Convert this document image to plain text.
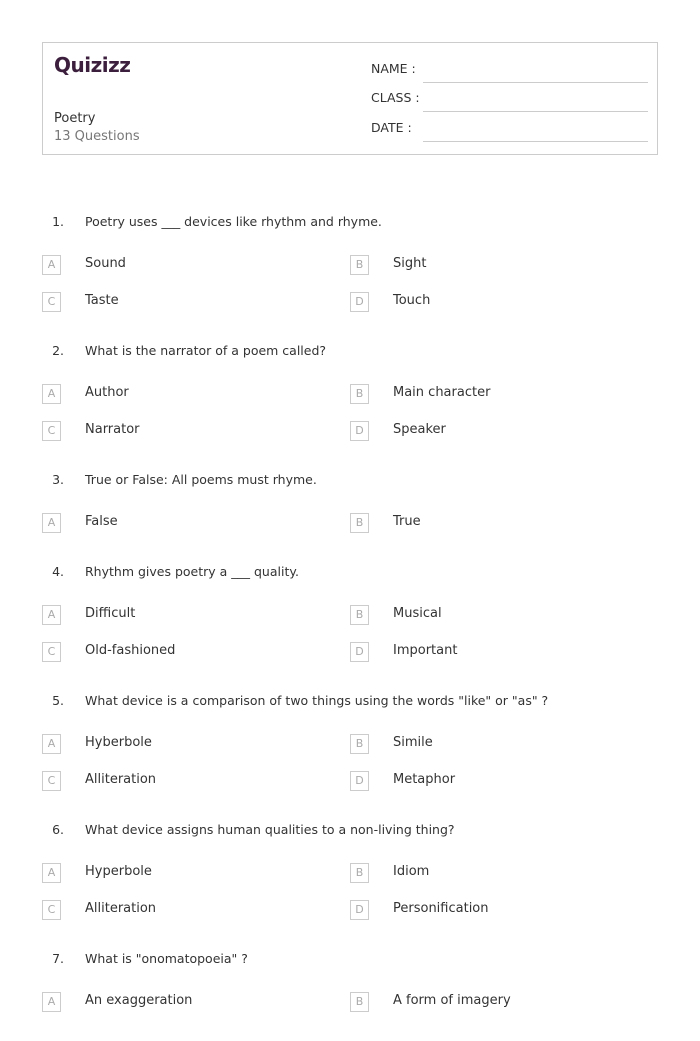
Quizizz
Poetry
13 Questions
NAME :
CLASS :
DATE :
1. Poetry uses ___ devices like rhythm and rhyme.
A	Sound	B	Sight
C	Taste	D	Touch
2. What is the narrator of a poem called?
A	Author	B	Main character
C	Narrator	D	Speaker
3. True or False: All poems must rhyme.
A	False	B	True
4. Rhythm gives poetry a ___ quality.
A	Difficult	B	Musical
C	Old-fashioned	D	Important
5. What device is a comparison of two things using the words "like" or "as" ?
A	Hyberbole	B	Simile
C	Alliteration	D	Metaphor
6. What device assigns human qualities to a non-living thing?
A	Hyperbole	B	Idiom
C	Alliteration	D	Personification
7. What is "onomatopoeia" ?
A	An exaggeration	B	A form of imagery
